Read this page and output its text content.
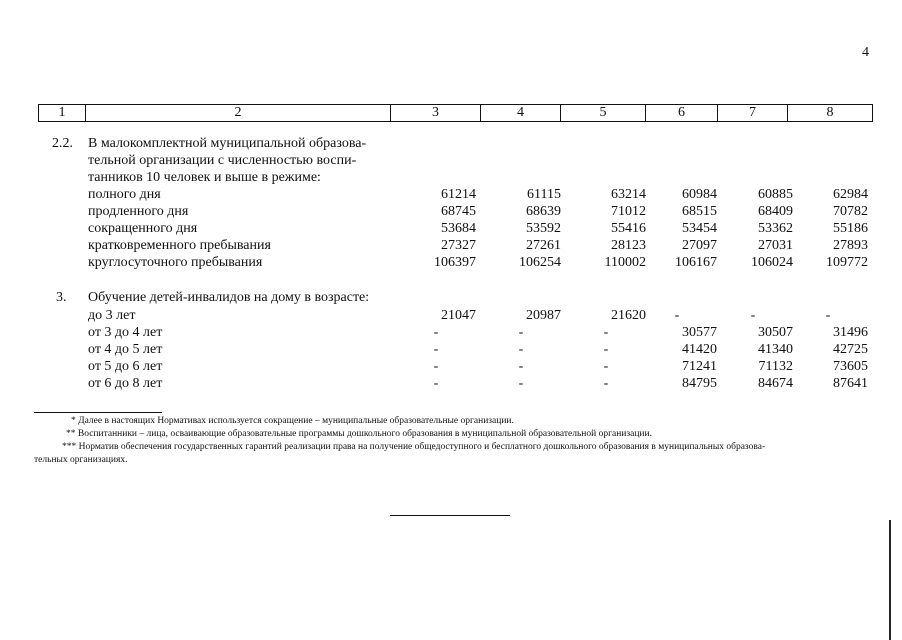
4
1	2	3	4	5	6	7	8
2.2. В малокомплектной муниципальной образова-
тельной организации с численностью воспи-
танников 10 человек и выше в режиме:
полного дня	61214	61115	63214	60984	60885	62984
продленного дня	68745	68639	71012	68515	68409	70782
сокращенного дня	53684	53592	55416	53454	53362	55186
кратковременного пребывания	27327	27261	28123	27097	27031	27893
круглосуточного пребывания	106397	106254	110002	106167	106024	109772
3. Обучение детей-инвалидов на дому в возрасте:
до 3 лет	21047	20987	21620 -	-	-
от 3 до 4 лет	-	-	-	30577	30507	31496
от 4 до 5 лет	-	-	-	41420	41340	42725
от 5 до 6 лет	-	-	-	71241	71132	73605
от 6 до 8 лет	-	-	-	84795	84674	87641
* Далее в настоящих Нормативах используется сокращение – муниципальные образовательные организации.
** Воспитанники – лица, осваивающие образовательные программы дошкольного образования в муниципальной образовательной организации.
*** Норматив обеспечения государственных гарантий реализации права на получение общедоступного и бесплатного дошкольного образования в муниципальных образова-
тельных организациях.
